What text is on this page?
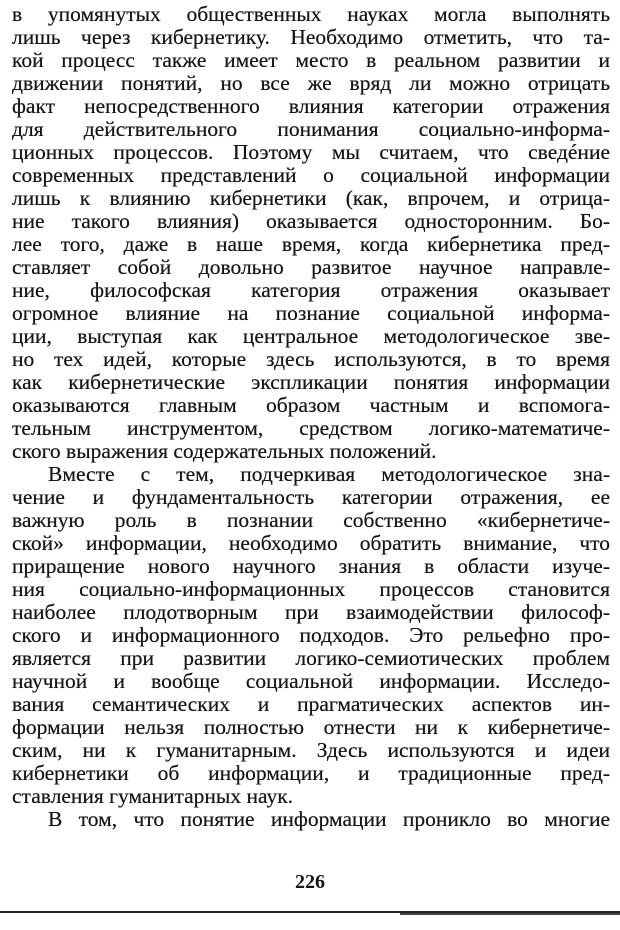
в упомянутых общественных науках могла выполнять
лишь через кибернетику. Необходимо отметить, что та-
кой процесс также имеет место в реальном развитии и
движении понятий, но все же вряд ли можно отрицать
факт непосредственного влияния категории отражения
для действительного понимания социально-информа-
ционных процессов. Поэтому мы считаем, что сведéние
современных представлений о социальной информации
лишь к влиянию кибернетики (как, впрочем, и отрица-
ние такого влияния) оказывается односторонним. Бо-
лее того, даже в наше время, когда кибернетика пред-
ставляет собой довольно развитое научное направле-
ние, философская категория отражения оказывает
огромное влияние на познание социальной информа-
ции, выступая как центральное методологическое зве-
но тех идей, которые здесь используются, в то время
как кибернетические экспликации понятия информации
оказываются главным образом частным и вспомога-
тельным инструментом, средством логико-математиче-
ского выражения содержательных положений.
Вместе с тем, подчеркивая методологическое зна-
чение и фундаментальность категории отражения, ее
важную роль в познании собственно «кибернетиче-
ской» информации, необходимо обратить внимание, что
приращение нового научного знания в области изуче-
ния социально-информационных процессов становится
наиболее плодотворным при взаимодействии философ-
ского и информационного подходов. Это рельефно про-
является при развитии логико-семиотических проблем
научной и вообще социальной информации. Исследо-
вания семантических и прагматических аспектов ин-
формации нельзя полностью отнести ни к кибернетиче-
ским, ни к гуманитарным. Здесь используются и идеи
кибернетики об информации, и традиционные пред-
ставления гуманитарных наук.
В том, что понятие информации проникло во многие
226
